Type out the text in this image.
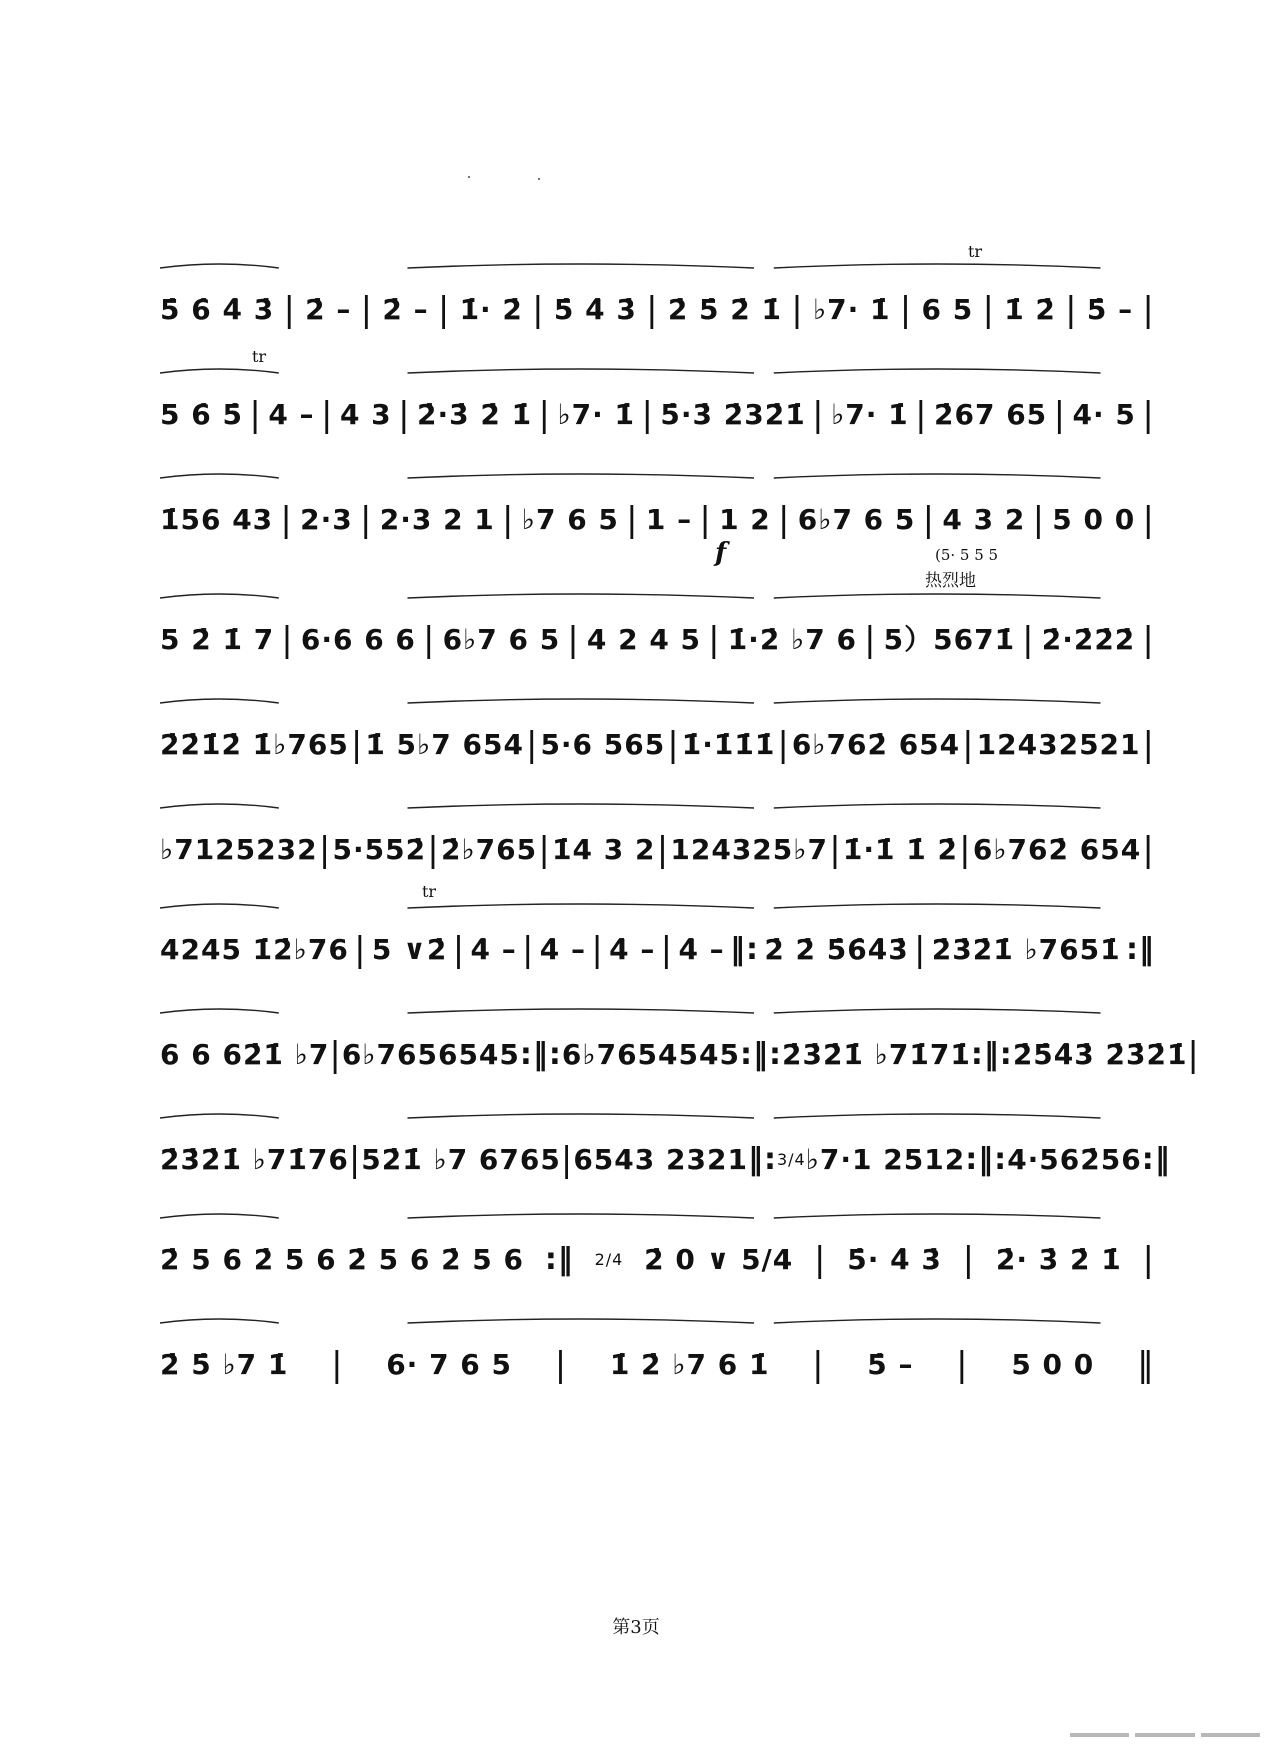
5̇ 6̇ 4̇ 3̇ | 2̇ – | 2̇ – | 1̇· 2̇ | 5̇ 4̇ 3̇ | 2̇ 5̇ 2̇ 1̇ | ♭7· 1̇ | 6 5 | 1̇ 2̇ | 5̇ – |
tr
5 6̇ 5̇ | 4 – | 4 3 | 2̇·3̇ 2̇ 1̇ | ♭7· 1̇ | 5̇·3̇ 2̇32̇1̇ | ♭7· 1̇ | 2̇67 65 | 4· 5 |
tr
1̇56 43 | 2·3 | 2·3 2 1 | ♭7 6 5 | 1 – | 1 2 | 6♭7 6 5 | 4 3 2 | 5 0 0 |
f	(5· 5 5 5
5 2̇ 1̇ 7 | 6·6 6 6 | 6♭7 6 5 | 4 2 4 5 | 1̇·2̇ ♭7 6 | 5）5671̇ | 2̇·2̇2̇2̇ |
热烈地
2̇2̇1̇2̇ 1̇♭765 | 1̇ 5♭7 654 | 5·6 565 | 1̇·1̇1̇1̇ | 6♭762̇ 654 | 12432521 |
♭7125232 | 5·552̇ | 2̇♭765 | 1̇4 3 2 | 124325♭7 | 1̇·1̇ 1̇ 2̇ | 6♭762̇ 654 |
4245 1̇2̇♭76 | 5 ∨2̇ | 4̇ – | 4̇ – | 4̇ – | 4̇ – ‖: 2̇ 2̇ 5̇6̇4̇3̇ | 2̇3̇2̇1̇ ♭7651̇ :‖
tr
6 6 62̇1̇ ♭7 | 6♭7656545 :‖: 6♭7654545 :‖: 2̇3̇2̇1̇ ♭71̇71̇ :‖: 2̇5̇4̇3̇ 2̇3̇2̇1̇ |
2̇3̇2̇1̇ ♭71̇76 | 52̇1̇ ♭7 6765 | 6543 2321 ‖: 3/4 ♭7·1 2512 :‖: 4·562̇56 :‖
2̇ 5 6 2̇ 5 6 2̇ 5 6 2̇ 5 6 :‖ 2/4 2̇ 0 ∨ 5/4 | 5̇· 4̇ 3̇ | 2̇· 3̇ 2̇ 1̇ |
2̇ 5̇ ♭7 1̇ | 6· 7 6 5 | 1̇ 2̇ ♭7 6 1̇ | 5̇ – | 5 0 0 ‖
第3页
